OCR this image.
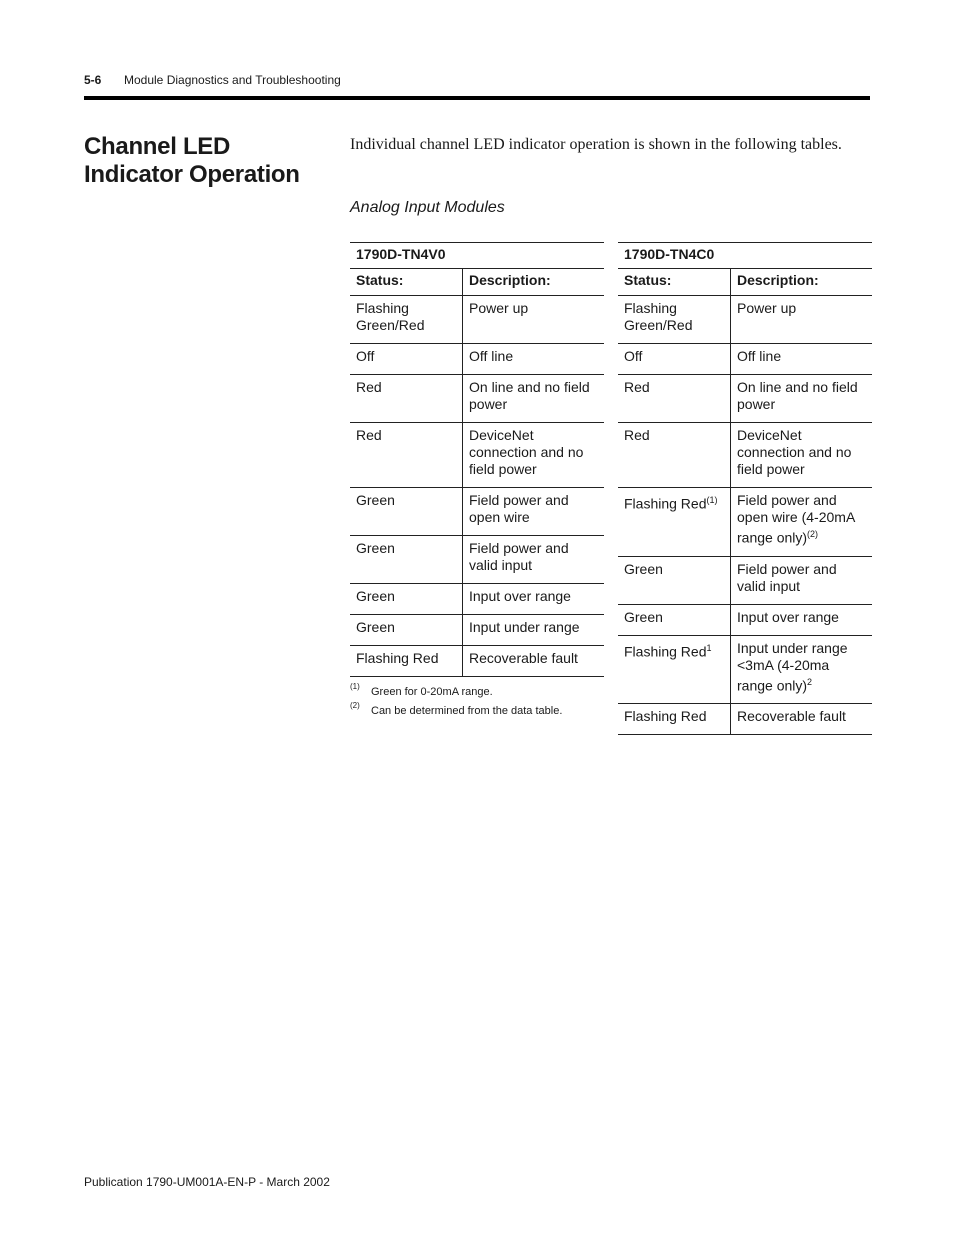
5-6 Module Diagnostics and Troubleshooting
Channel LED Indicator Operation
Individual channel LED indicator operation is shown in the following tables.
Analog Input Modules
1790D-TN4V0	
Status:	Description:
Flashing Green/Red	Power up
Off	Off line
Red	On line and no field power
Red	DeviceNet connection and no field power
Green	Field power and open wire
Green	Field power and valid input
Green	Input over range
Green	Input under range
Flashing Red	Recoverable fault
1790D-TN4C0	
Status:	Description:
Flashing Green/Red	Power up
Off	Off line
Red	On line and no field power
Red	DeviceNet connection and no field power
Flashing Red$^{(1)}$	Field power and open wire (4-20mA range only)$^{(2)}$
Green	Field power and valid input
Green	Input over range
Flashing Red$^1$	Input under range <3mA (4-20ma range only)$^2$
Flashing Red	Recoverable fault
(1) Green for 0-20mA range.
(2) Can be determined from the data table.
Publication 1790-UM001A-EN-P - March 2002
